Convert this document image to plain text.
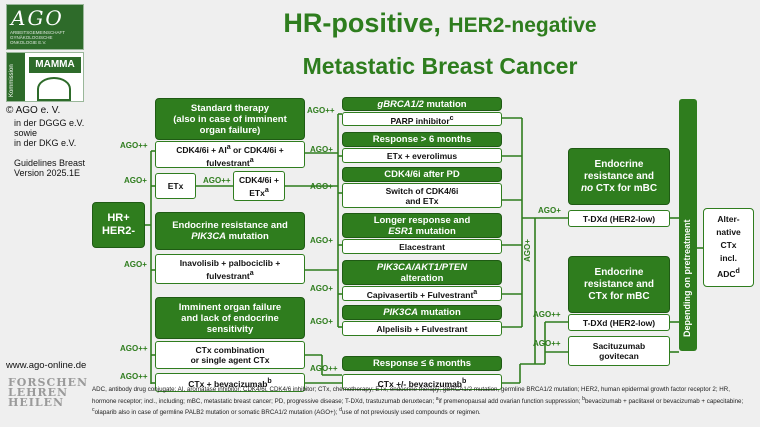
AGO
ARBEITSGEMEINSCHAFT GYNÄKOLOGISCHE ONKOLOGIE E.V.
Kommission	MAMMA
© AGO e. V.
in der DGGG e.V.
sowie
in der DKG e.V.
Guidelines Breast
Version 2025.1E
www.ago-online.de
FORSCHEN
LEHREN
HEILEN
HR-positive, HER2-negative
Metastatic Breast Cancer
HR+
HER2-
Standard therapy
(also in case of imminent
organ failure)
$CDK4/6i + AI^a$ or CDK4/6i +
fulvestrant$^a$
ETx
CDK4/6i +
ETx$^a$
Endocrine resistance and
PIK3CA mutation
Inavolisib + palbociclib +
fulvestrant$^a$
Imminent organ failure
and lack of endocrine
sensitivity
CTx combination
or single agent CTx
CTx + bevacizumab$^b$
gBRCA1/2 mutation
PARP inhibitor$^c$
Response > 6 months
ETx + everolimus
CDK4/6i after PD
Switch of CDK4/6i
and ETx
Longer response and
ESR1 mutation
Elacestrant
PIK3CA/AKT1/PTEN
alteration
Capivasertib + Fulvestrant$^a$
PIK3CA mutation
Alpelisib + Fulvestrant
Response ≤ 6 months
CTx +/- bevacizumab$^b$
Endocrine
resistance and
no CTx for mBC
T-DXd (HER2-low)
Endocrine
resistance and
CTx for mBC
T-DXd (HER2-low)
Sacituzumab
govitecan
Depending on pretreatment
Alter-
native
CTx
incl.
ADC$^d$
AGO++
AGO+	AGO++
AGO+
AGO++
AGO++
AGO++
AGO+
AGO+
AGO+
AGO+
AGO+
AGO++
AGO+
AGO++
AGO++
AGO+
ADC, antibody drug conjugate; AI, aromatase inhibitor; CDK4/6i, CDK4/6 inhibitor; CTx, chemotherapy; ETx, endocrine therapy; gBRCA1/2 mutation, germline BRCA1/2 mutation; HER2, human epidermal growth factor receptor 2; HR, hormone receptor; incl., including; mBC, metastatic breast cancer; PD, progressive disease; T-DXd, trastuzumab deruxtecan; $^a$if premenopausal add ovarian function suppression; $^b$bevacizumab + paclitaxel or bevacizumab + capecitabine; $^c$olaparib also in case of germline PALB2 mutation or somatic BRCA1/2 mutation (AGO+); $^d$use of not previously used compounds or regimen.
